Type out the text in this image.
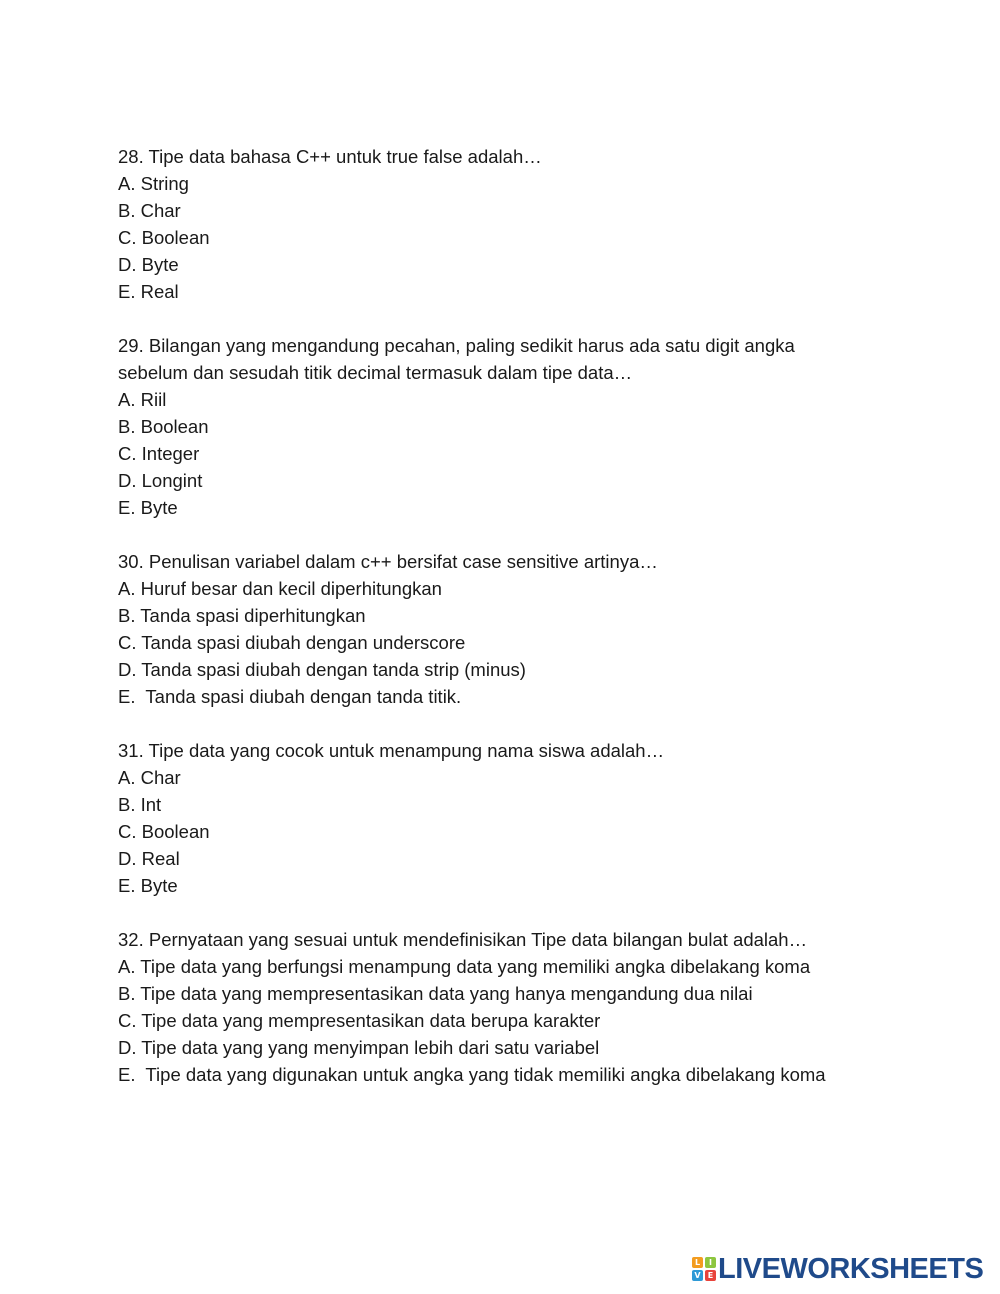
28. Tipe data bahasa C++ untuk true false adalah…

A. String

B. Char

C. Boolean

D. Byte

E. Real

29. Bilangan yang mengandung pecahan, paling sedikit harus ada satu digit angka

sebelum dan sesudah titik decimal termasuk dalam tipe data…

A. Riil

B. Boolean

C. Integer

D. Longint

E. Byte

30. Penulisan variabel dalam c++ bersifat case sensitive artinya…

A. Huruf besar dan kecil diperhitungkan

B. Tanda spasi diperhitungkan

C. Tanda spasi diubah dengan underscore

D. Tanda spasi diubah dengan tanda strip (minus)

E.  Tanda spasi diubah dengan tanda titik.

31. Tipe data yang cocok untuk menampung nama siswa adalah…

A. Char

B. Int

C. Boolean

D. Real

E. Byte

32. Pernyataan yang sesuai untuk mendefinisikan Tipe data bilangan bulat adalah…

A. Tipe data yang berfungsi menampung data yang memiliki angka dibelakang koma

B. Tipe data yang mempresentasikan data yang hanya mengandung dua nilai

C. Tipe data yang mempresentasikan data berupa karakter

D. Tipe data yang yang menyimpan lebih dari satu variabel

E.  Tipe data yang digunakan untuk angka yang tidak memiliki angka dibelakang koma

L	I
V E LIVEWORKSHEETS
